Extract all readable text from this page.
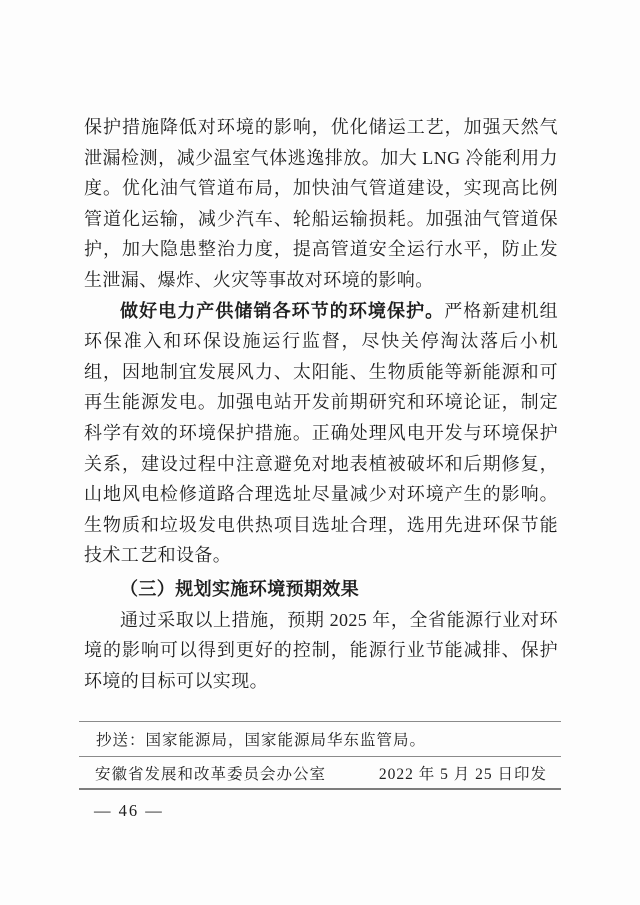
保护措施降低对环境的影响，优化储运工艺，加强天然气泄漏检测，减少温室气体逃逸排放。加大 LNG 冷能利用力度。优化油气管道布局，加快油气管道建设，实现高比例管道化运输，减少汽车、轮船运输损耗。加强油气管道保护，加大隐患整治力度，提高管道安全运行水平，防止发生泄漏、爆炸、火灾等事故对环境的影响。

做好电力产供储销各环节的环境保护。严格新建机组环保准入和环保设施运行监督，尽快关停淘汰落后小机组，因地制宜发展风力、太阳能、生物质能等新能源和可再生能源发电。加强电站开发前期研究和环境论证，制定科学有效的环境保护措施。正确处理风电开发与环境保护关系，建设过程中注意避免对地表植被破坏和后期修复，山地风电检修道路合理选址尽量减少对环境产生的影响。生物质和垃圾发电供热项目选址合理，选用先进环保节能技术工艺和设备。

（三）规划实施环境预期效果

通过采取以上措施，预期 2025 年，全省能源行业对环境的影响可以得到更好的控制，能源行业节能减排、保护环境的目标可以实现。

抄送：国家能源局，国家能源局华东监管局。
安徽省发展和改革委员会办公室	2022 年 5 月 25 日印发
— 46 —
